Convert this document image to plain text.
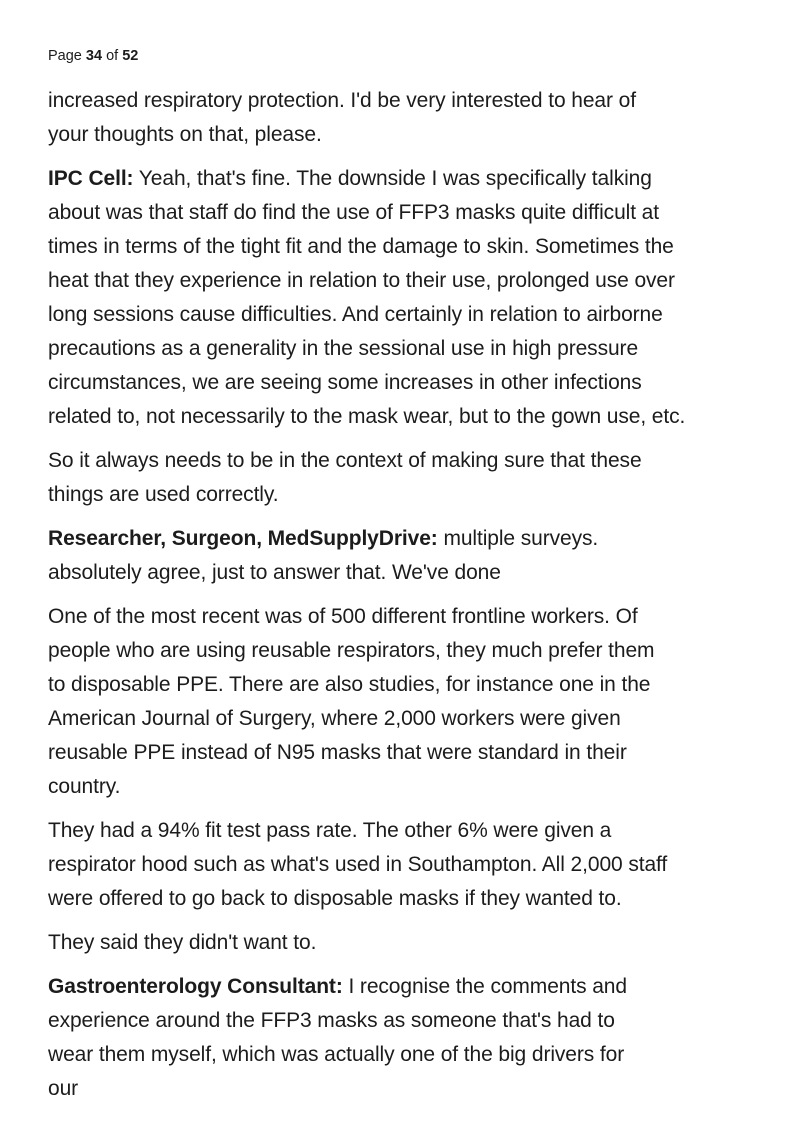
Page 34 of 52

increased respiratory protection. I'd be very interested to hear of
your thoughts on that, please.

IPC Cell: Yeah, that's fine. The downside I was specifically talking
about was that staff do find the use of FFP3 masks quite difficult at
times in terms of the tight fit and the damage to skin. Sometimes the
heat that they experience in relation to their use, prolonged use over
long sessions cause difficulties. And certainly in relation to airborne
precautions as a generality in the sessional use in high pressure
circumstances, we are seeing some increases in other infections
related to, not necessarily to the mask wear, but to the gown use, etc.

So it always needs to be in the context of making sure that these
things are used correctly.

Researcher, Surgeon, MedSupplyDrive: multiple surveys.
absolutely agree, just to answer that. We've done

One of the most recent was of 500 different frontline workers. Of
people who are using reusable respirators, they much prefer them
to disposable PPE. There are also studies, for instance one in the
American Journal of Surgery, where 2,000 workers were given
reusable PPE instead of N95 masks that were standard in their
country.

They had a 94% fit test pass rate. The other 6% were given a
respirator hood such as what's used in Southampton. All 2,000 staff
were offered to go back to disposable masks if they wanted to.

They said they didn't want to.

Gastroenterology Consultant: I recognise the comments and
experience around the FFP3 masks as someone that's had to
wear them myself, which was actually one of the big drivers for
our
